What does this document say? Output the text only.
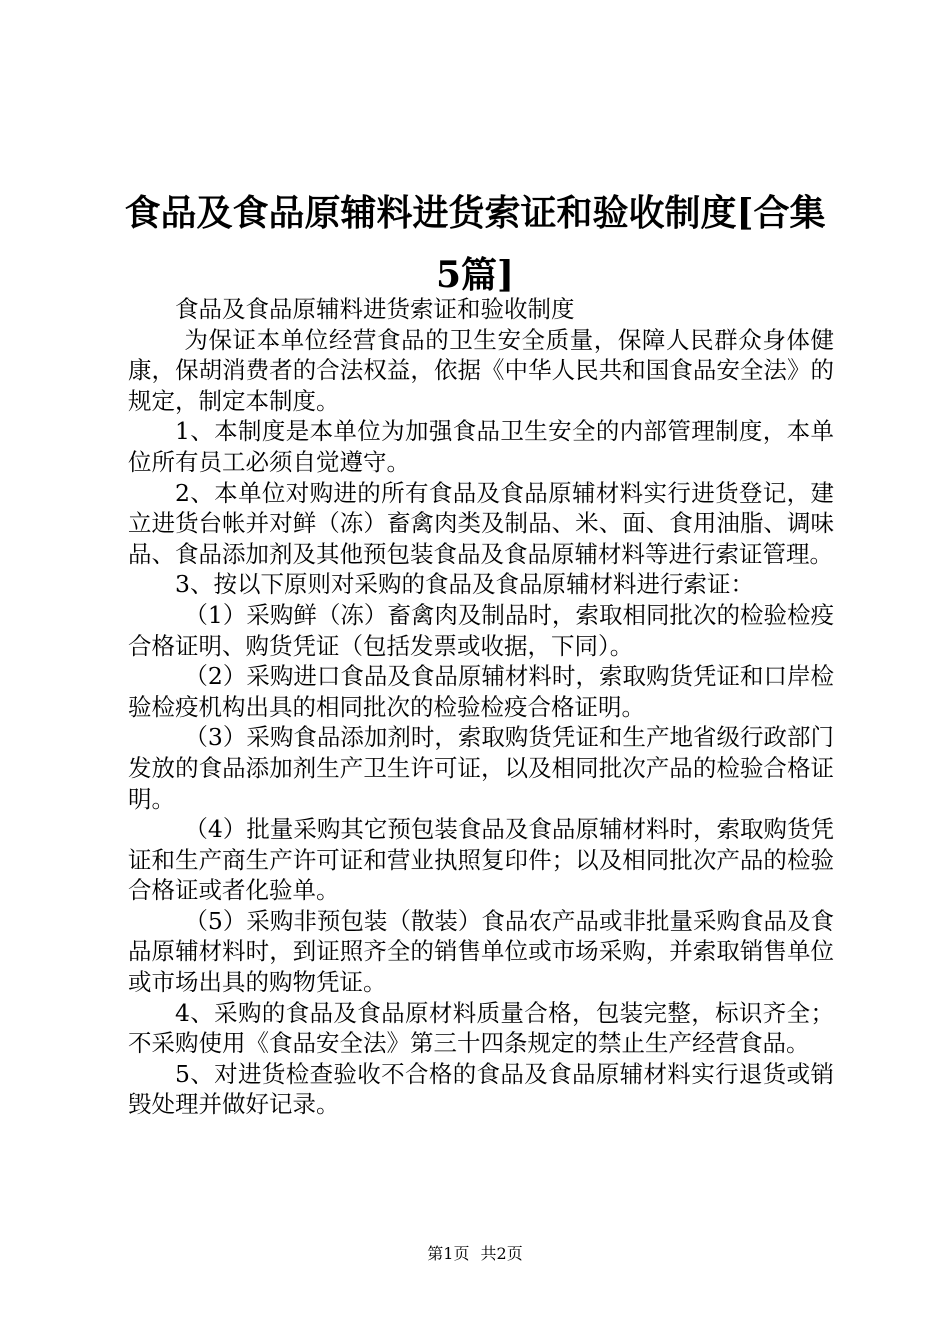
食品及食品原辅料进货索证和验收制度[合集
5篇]

食品及食品原辅料进货索证和验收制度

为保证本单位经营食品的卫生安全质量，保障人民群众身体健康，保胡消费者的合法权益，依据《中华人民共和国食品安全法》的规定，制定本制度。

1、本制度是本单位为加强食品卫生安全的内部管理制度，本单位所有员工必须自觉遵守。

2、本单位对购进的所有食品及食品原辅材料实行进货登记，建立进货台帐并对鲜（冻）畜禽肉类及制品、米、面、食用油脂、调味品、食品添加剂及其他预包装食品及食品原辅材料等进行索证管理。

3、按以下原则对采购的食品及食品原辅材料进行索证：

（1）采购鲜（冻）畜禽肉及制品时，索取相同批次的检验检疫合格证明、购货凭证（包括发票或收据，下同）。

（2）采购进口食品及食品原辅材料时，索取购货凭证和口岸检验检疫机构出具的相同批次的检验检疫合格证明。

（3）采购食品添加剂时，索取购货凭证和生产地省级行政部门发放的食品添加剂生产卫生许可证，以及相同批次产品的检验合格证明。

（4）批量采购其它预包装食品及食品原辅材料时，索取购货凭证和生产商生产许可证和营业执照复印件；以及相同批次产品的检验合格证或者化验单。

（5）采购非预包装（散装）食品农产品或非批量采购食品及食品原辅材料时，到证照齐全的销售单位或市场采购，并索取销售单位或市场出具的购物凭证。

4、采购的食品及食品原材料质量合格，包装完整，标识齐全；不采购使用《食品安全法》第三十四条规定的禁止生产经营食品。

5、对进货检查验收不合格的食品及食品原辅材料实行退货或销毁处理并做好记录。

第1页 共2页
